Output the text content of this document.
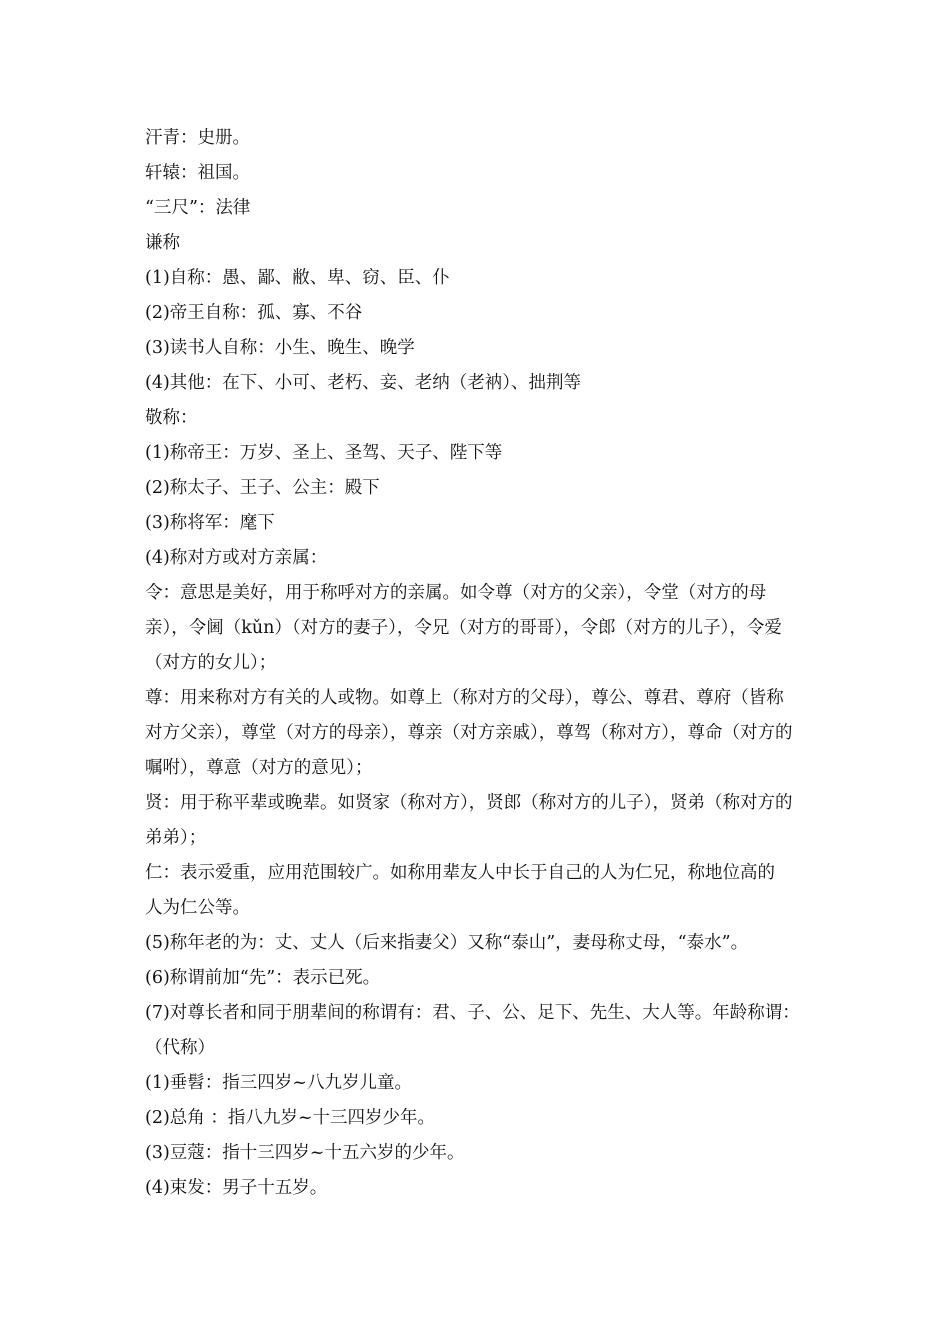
汗青：史册。
轩辕：祖国。
“三尺”：法律
谦称
(1)自称：愚、鄙、敝、卑、窃、臣、仆
(2)帝王自称：孤、寡、不谷
(3)读书人自称：小生、晚生、晚学
(4)其他：在下、小可、老朽、妾、老纳（老衲）、拙荆等
敬称：
(1)称帝王：万岁、圣上、圣驾、天子、陛下等
(2)称太子、王子、公主：殿下
(3)称将军：麾下
(4)称对方或对方亲属：
令：意思是美好，用于称呼对方的亲属。如令尊（对方的父亲），令堂（对方的母
亲），令阃（kǔn）（对方的妻子），令兄（对方的哥哥），令郎（对方的儿子），令爱
（对方的女儿）；
尊：用来称对方有关的人或物。如尊上（称对方的父母），尊公、尊君、尊府（皆称
对方父亲），尊堂（对方的母亲），尊亲（对方亲戚），尊驾（称对方），尊命（对方的
嘱咐），尊意（对方的意见）；
贤：用于称平辈或晚辈。如贤家（称对方），贤郎（称对方的儿子），贤弟（称对方的
弟弟）；
仁：表示爱重，应用范围较广。如称用辈友人中长于自己的人为仁兄，称地位高的
人为仁公等。
(5)称年老的为：丈、丈人（后来指妻父）又称“泰山”，妻母称丈母，“泰水”。
(6)称谓前加“先”：表示已死。
(7)对尊长者和同于朋辈间的称谓有：君、子、公、足下、先生、大人等。年龄称谓：
（代称）
(1)垂髫：指三四岁~八九岁儿童。
(2)总角 ：指八九岁~十三四岁少年。
(3)豆蔻：指十三四岁~十五六岁的少年。
(4)束发：男子十五岁。
